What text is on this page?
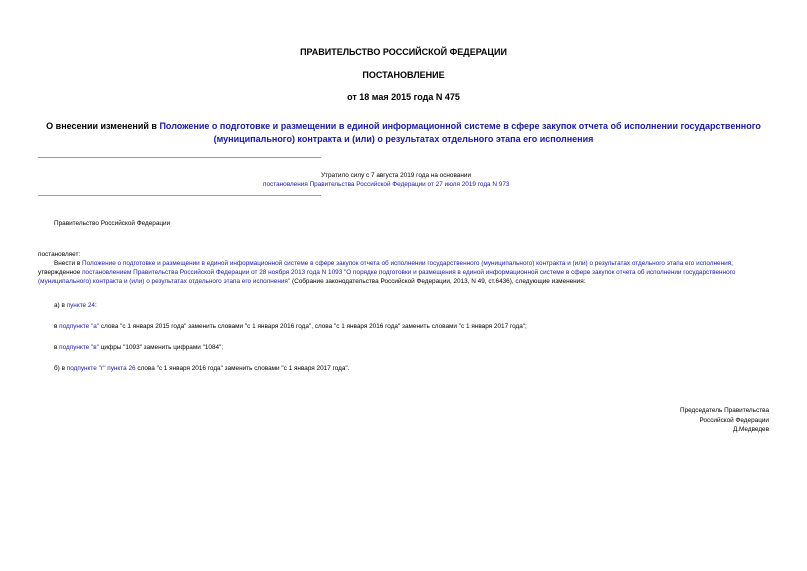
ПРАВИТЕЛЬСТВО РОССИЙСКОЙ ФЕДЕРАЦИИ
ПОСТАНОВЛЕНИЕ
от 18 мая 2015 года N 475
О внесении изменений в Положение о подготовке и размещении в единой информационной системе в сфере закупок отчета об исполнении государственного (муниципального) контракта и (или) о результатах отдельного этапа его исполнения
Утратило силу с 7 августа 2019 года на основании
постановления Правительства Российской Федерации от 27 июля 2019 года N 973
Правительство Российской Федерации
постановляет:
Внести в Положение о подготовке и размещении в единой информационной системе в сфере закупок отчета об исполнении государственного (муниципального) контракта и (или) о результатах отдельного этапа его исполнения, утвержденное постановлением Правительства Российской Федерации от 28 ноября 2013 года N 1093 "О порядке подготовки и размещения в единой информационной системе в сфере закупок отчета об исполнении государственного (муниципального) контракта и (или) о результатах отдельного этапа его исполнения" (Собрание законодательства Российской Федерации, 2013, N 49, ст.6436), следующие изменения:
а) в пункте 24:
в подпункте "а" слова "с 1 января 2015 года" заменить словами "с 1 января 2016 года", слова "с 1 января 2016 года" заменить словами "с 1 января 2017 года";
в подпункте "в" цифры "1093" заменить цифрами "1084";
б) в подпункте "г" пункта 26 слова "с 1 января 2016 года" заменить словами "с 1 января 2017 года".
Председатель Правительства
Российской Федерации
Д.Медведев
